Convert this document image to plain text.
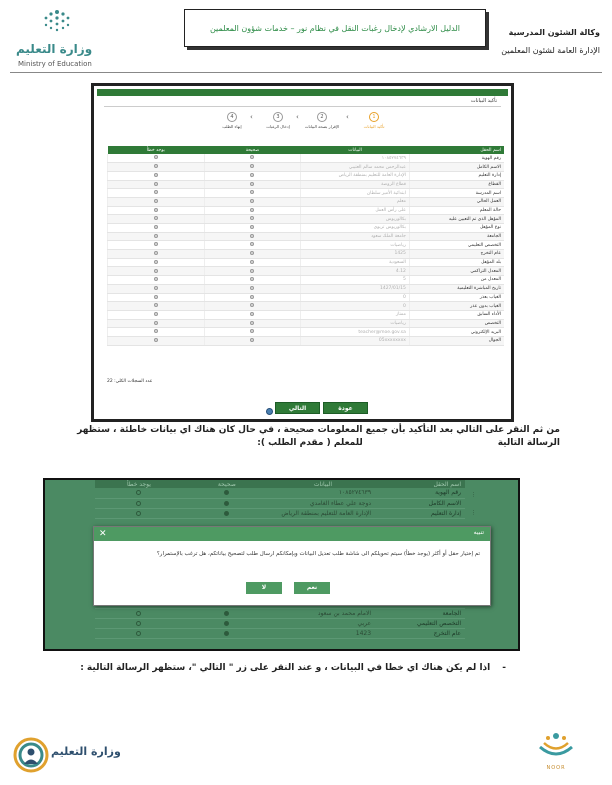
وزارة التعليم
Ministry of Education
الدليل الارشادي لإدخال رغبات النقل في نظام نور – خدمات شؤون المعلمين	وكالة الشئون المدرسية
الإدارة العامة لشئون المعلمين
تأكيد البيانات
1
تأكيد البيانات
‹
2
الإقرار بصحة البيانات
‹
3
إدخال الرغبات
‹
4
إنهاء الطلب
اسم الحقل	البيانات	صحيحة	يوجد خطأ
رقم الهوية	١٠٨٥٢٧٤٦٣٩		
الاسم الكامل	عبدالرحمن محمد سالم العتيبي		
إدارة التعليم	الإدارة العامة للتعليم بمنطقة الرياض		
القطاع	قطاع الروضة		
اسم المدرسة	ابتدائية الأمير سلطان		
العمل الحالي	معلم		
حالة المعلم	على رأس العمل		
المؤهل الذي تم التعيين عليه	بكالوريوس		
نوع المؤهل	بكالوريوس تربوي		
الجامعة	جامعة الملك سعود		
التخصص التعليمي	رياضيات		
عام التخرج	1425		
بلد المؤهل	السعودية		
المعدل التراكمي	4.12		
المعدل من	5		
تاريخ المباشرة التعليمية	1427/01/15		
الغياب بعذر	0		
الغياب بدون عذر	0		
الأداء السابق	ممتاز		
التخصص	رياضيات		
البريد الإلكتروني	teacher@moe.gov.sa		
الجوال	05xxxxxxxx		
عدد السجلات الكلي: 22
التالي	عودة
من ثم النقر على التالي بعد التأكيد بأن جميع المعلومات صحيحة ، في حال كان هناك اي بيانات خاطئة ، ستظهر الرسالة التالية
للمعلم ( مقدم الطلب ):
اسم الحقل	البيانات	صحيحة	يوجد خطأ
رقم الهوية	١٠٨٥٢٧٤٦٣٩		
الاسم الكامل	دوجة علي عطاء الغامدي		
إدارة التعليم	الإدارة العامة للتعليم بمنطقة الرياض		

الجامعة	الامام محمد بن سعود		
التخصص التعليمي	عربي		
عام التخرج	1423		
⋮
⋮
تنبيه
✕
تم إختيار حقل أو أكثر (يوجد خطأ) سيتم تحويلكم الى شاشة طلب تعديل البيانات وبإمكانكم ارسال طلب لتصحيح بياناتكم، هل ترغب بالإستمرار؟
نعم
لا
-اذا لم يكن هناك اي خطا في البيانات ، و عند النقر على زر " التالي "، ستظهر الرسالة التالية :
وزارة التعليم
NOOR
